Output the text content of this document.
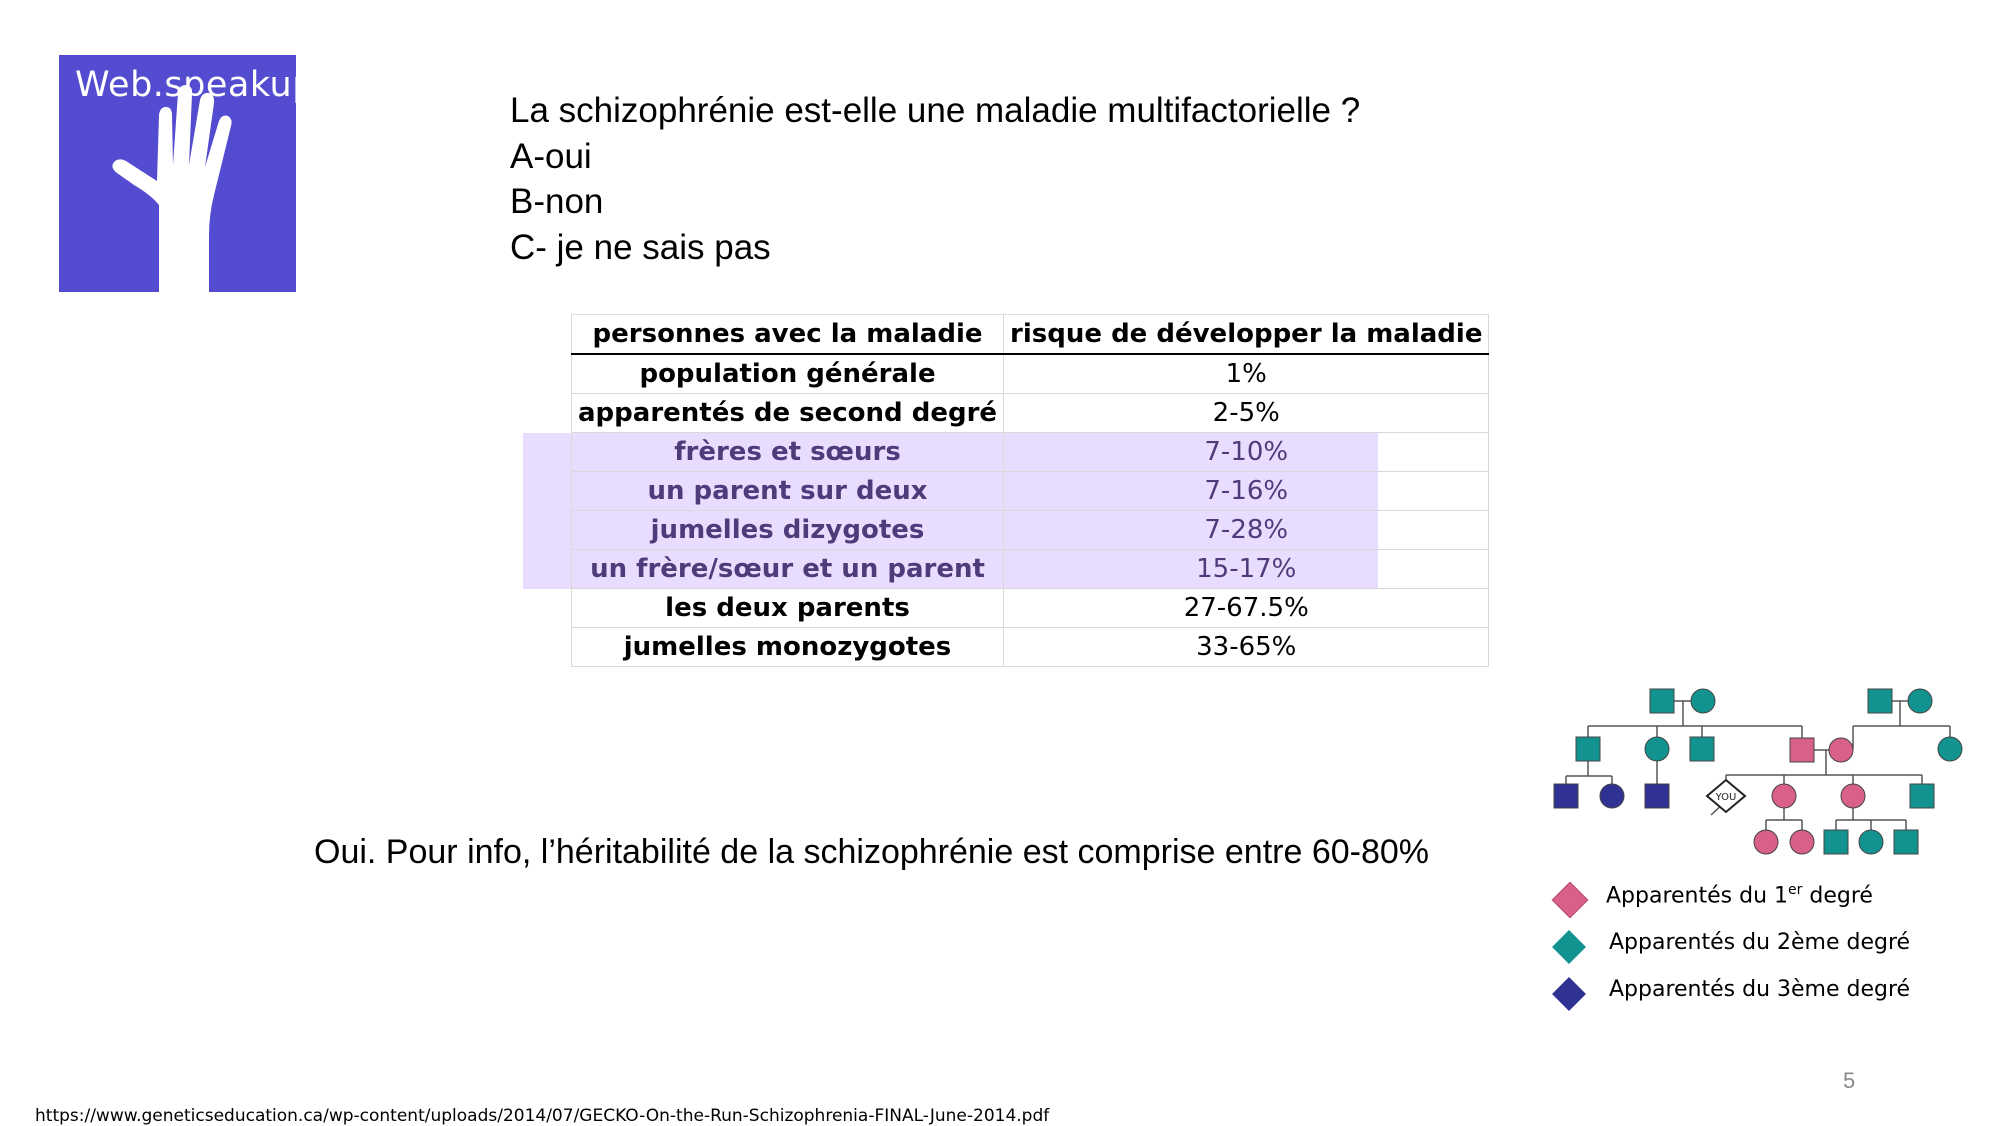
Web.speakup.
La schizophrénie est-elle une maladie multifactorielle ?
A-oui
B-non
C- je ne sais pas
personnes avec la maladie	risque de développer la maladie
population générale	1%
apparentés de second degré	2-5%
frères et sœurs	7-10%
un parent sur deux	7-16%
jumelles dizygotes	7-28%
un frère/sœur et un parent	15-17%
les deux parents	27-67.5%
jumelles monozygotes	33-65%
Oui. Pour info, l’héritabilité de la schizophrénie est comprise entre 60-80%
YOU
Apparentés du 1er degré
Apparentés du 2ème degré
Apparentés du 3ème degré
5
https://www.geneticseducation.ca/wp-content/uploads/2014/07/GECKO-On-the-Run-Schizophrenia-FINAL-June-2014.pdf
